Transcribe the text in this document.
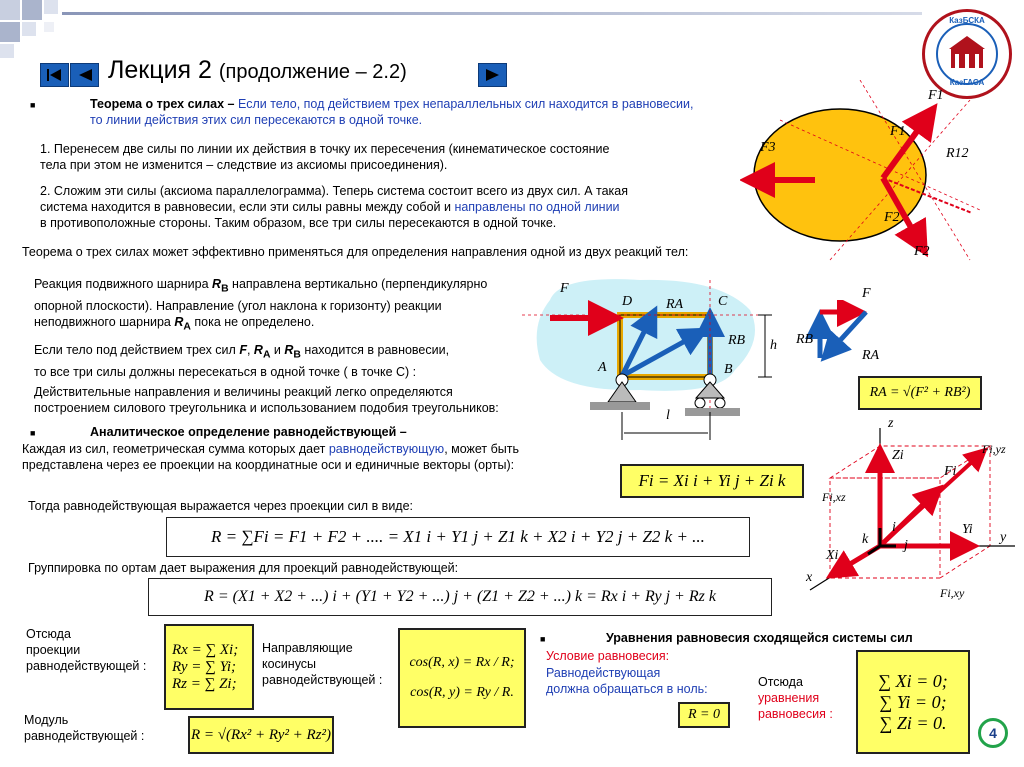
Лекция 2 (продолжение – 2.2)
КазБСКА
КазГАСА
■	Теорема о трех силах – Если тело, под действием трех непараллельных сил находится в равновесии,
то линии действия этих сил пересекаются в одной точке.
1. Перенесем две силы по линии их действия в точку их пересечения (кинематическое состояние
тела при этом не изменится – следствие из аксиомы присоединения).
2. Сложим эти силы (аксиома параллелограмма). Теперь система состоит всего из двух сил. А такая
система находится в равновесии, если эти силы равны между собой и направлены по одной линии
в противоположные стороны. Таким образом, все три силы пересекаются в одной точке.
Теорема о трех силах может эффективно применяться для определения направления одной из двух реакций тел:
F1
F1
F3	R12
F2
F2
Реакция подвижного шарнира $R_B$ направлена вертикально (перпендикулярно
опорной плоскости). Направление (угол наклона к горизонту) реакции
неподвижного шарнира $R_A$ пока не определено.
Если тело под действием трех сил F, $R_A$ и $R_B$ находится в равновесии,
то все три силы должны пересекаться в одной точке ( в точке C) :
Действительные направления и величины реакций легко определяются
построением силового треугольника и использованием подобия треугольников:
F
D	C
RA
RB h
A	B
l
F
RB
RA
RA = √(F² + RB²)
■	Аналитическое определение равнодействующей –
Каждая из сил, геометрическая сумма которых дает равнодействующую, может быть
представлена через ее проекции на координатные оси и единичные векторы (орты):
Fi = Xi i + Yi j + Zi k
Тогда равнодействующая выражается через проекции сил в виде:
R = ∑Fi = F1 + F2 + .... = X1 i + Y1 j + Z1 k + X2 i + Y2 j + Z2 k + ...
Группировка по ортам дает выражения для проекций равнодействующей:
R = (X1 + X2 + ...) i + (Y1 + Y2 + ...) j + (Z1 + Z2 + ...) k = Rx i + Ry j + Rz k
z
Zi	Fi,yz
Fi
Fi,xz
Yi
y
k
i
j
Xi
x
Fi,xy
Отсюда
проекции
равнодействующей :
Rx = ∑ Xi;
Ry = ∑ Yi;
Rz = ∑ Zi;
Направляющие
косинусы
равнодействующей :
cos(R, x) = Rx / R;
cos(R, y) = Ry / R.
Модуль
равнодействующей :	R = √(Rx² + Ry² + Rz²)
■	Уравнения равновесия сходящейся системы сил
Условие равновесия:
Равнодействующая
должна обращаться в ноль:
R = 0
Отсюда
уравнения
равновесия :
∑ Xi = 0;
∑ Yi = 0;
∑ Zi = 0.
4
